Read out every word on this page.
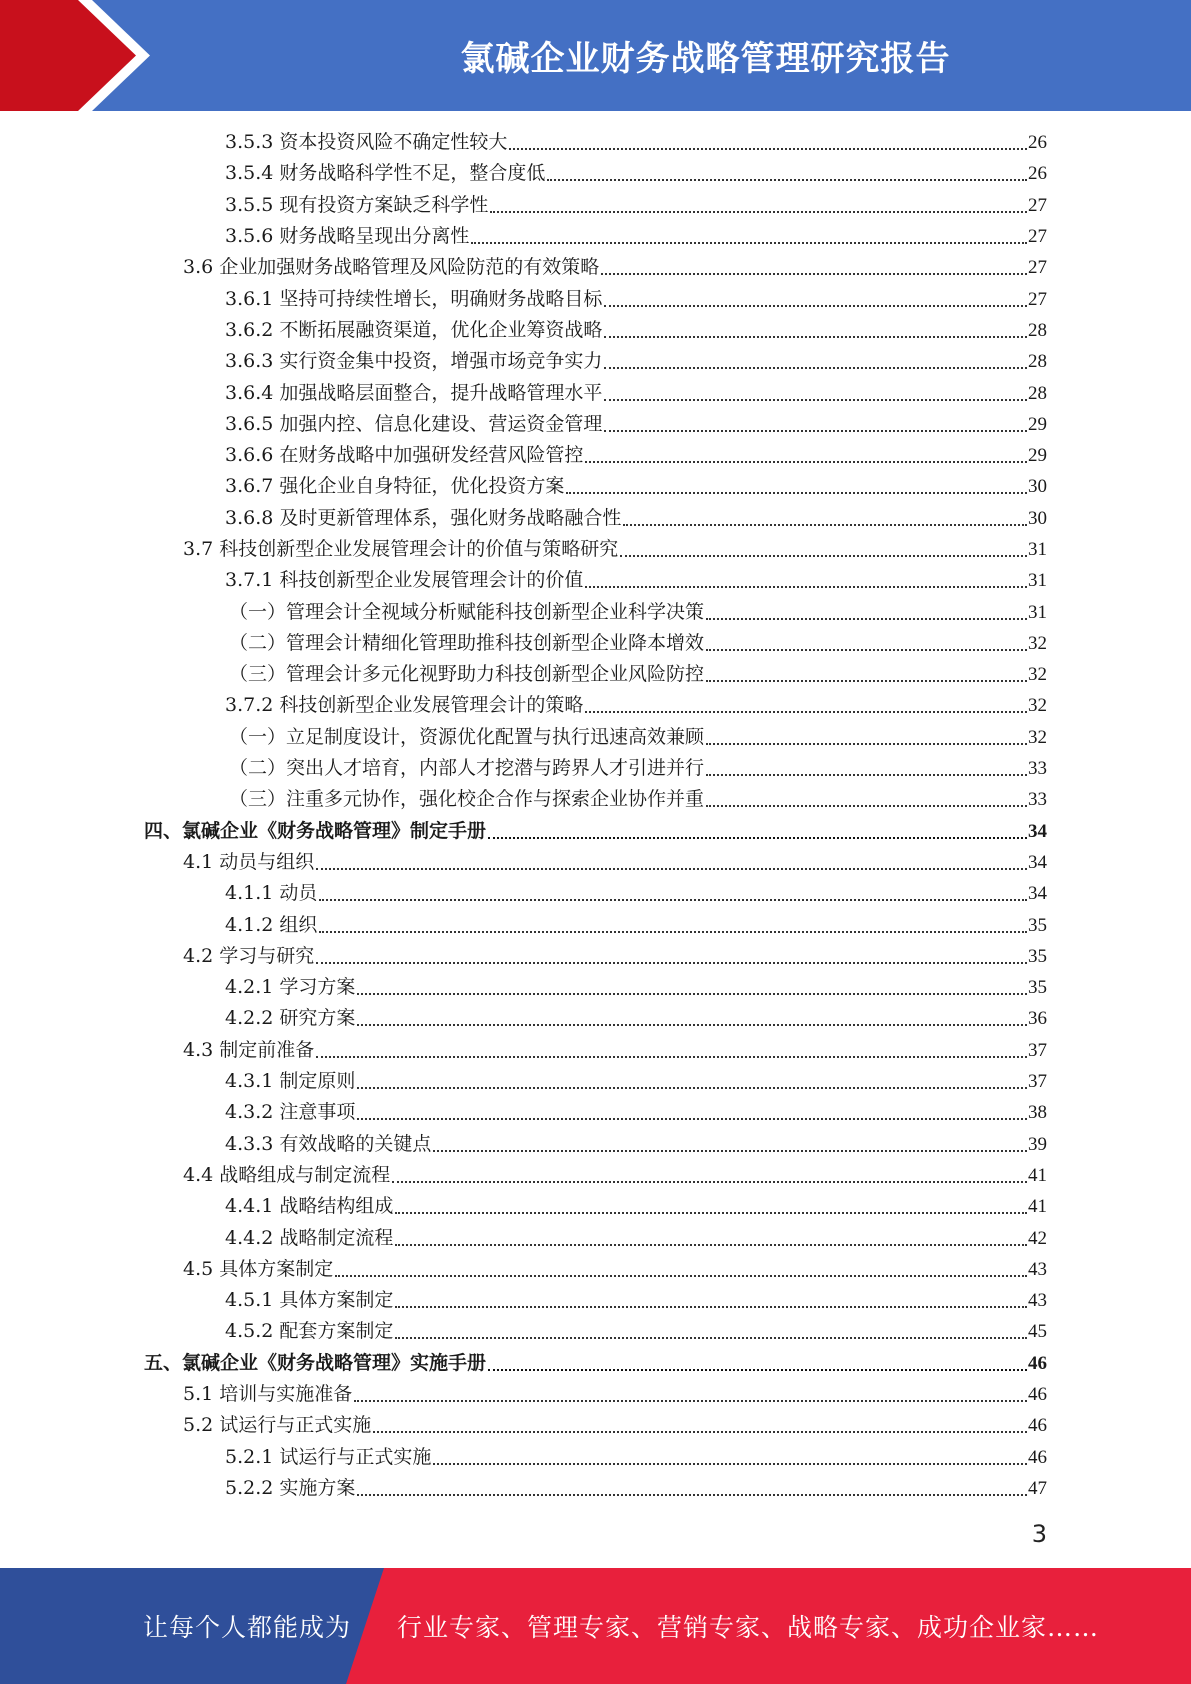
氯碱企业财务战略管理研究报告
3.5.3 资本投资风险不确定性较大	26
3.5.4 财务战略科学性不足，整合度低	26
3.5.5 现有投资方案缺乏科学性	27
3.5.6 财务战略呈现出分离性	27
3.6 企业加强财务战略管理及风险防范的有效策略	27
3.6.1 坚持可持续性增长，明确财务战略目标	27
3.6.2 不断拓展融资渠道，优化企业筹资战略	28
3.6.3 实行资金集中投资，增强市场竞争实力	28
3.6.4 加强战略层面整合，提升战略管理水平	28
3.6.5 加强内控、信息化建设、营运资金管理	29
3.6.6 在财务战略中加强研发经营风险管控	29
3.6.7 强化企业自身特征，优化投资方案	30
3.6.8 及时更新管理体系，强化财务战略融合性	30
3.7 科技创新型企业发展管理会计的价值与策略研究	31
3.7.1 科技创新型企业发展管理会计的价值	31
（一）管理会计全视域分析赋能科技创新型企业科学决策	31
（二）管理会计精细化管理助推科技创新型企业降本增效	32
（三）管理会计多元化视野助力科技创新型企业风险防控	32
3.7.2 科技创新型企业发展管理会计的策略	32
（一）立足制度设计，资源优化配置与执行迅速高效兼顾	32
（二）突出人才培育，内部人才挖潜与跨界人才引进并行	33
（三）注重多元协作，强化校企合作与探索企业协作并重	33
四、氯碱企业《财务战略管理》制定手册	34
4.1 动员与组织	34
4.1.1 动员	34
4.1.2 组织	35
4.2 学习与研究	35
4.2.1 学习方案	35
4.2.2 研究方案	36
4.3 制定前准备	37
4.3.1 制定原则	37
4.3.2 注意事项	38
4.3.3 有效战略的关键点	39
4.4 战略组成与制定流程	41
4.4.1 战略结构组成	41
4.4.2 战略制定流程	42
4.5 具体方案制定	43
4.5.1 具体方案制定	43
4.5.2 配套方案制定	45
五、氯碱企业《财务战略管理》实施手册	46
5.1 培训与实施准备	46
5.2 试运行与正式实施	46
5.2.1 试运行与正式实施	46
5.2.2 实施方案	47
3
让每个人都能成为 行业专家、管理专家、营销专家、战略专家、成功企业家……
